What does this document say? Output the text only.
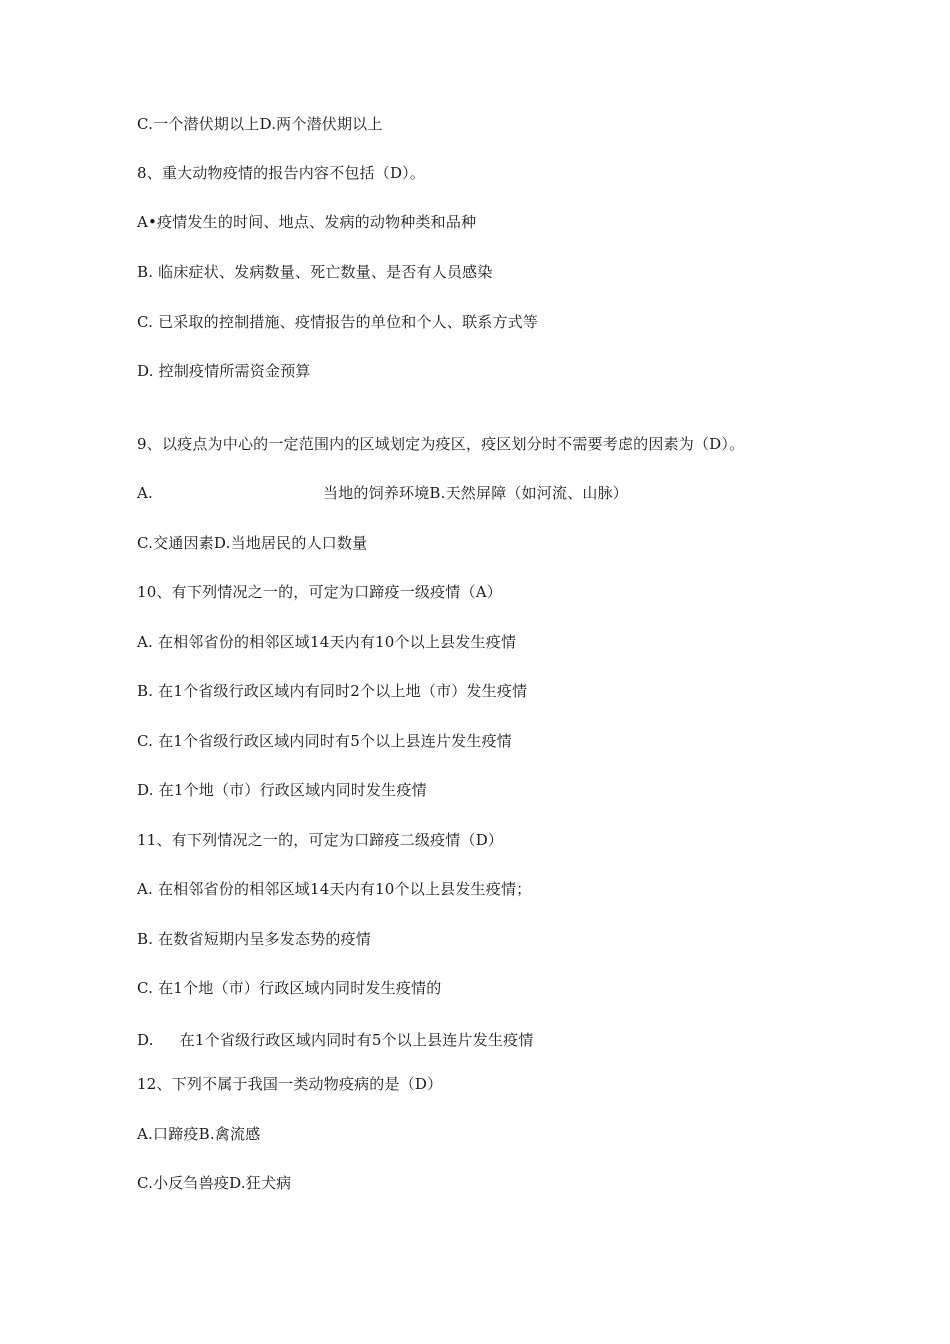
C.一个潜伏期以上D.两个潜伏期以上
8、重大动物疫情的报告内容不包括（D）。
A•疫情发生的时间、地点、发病的动物种类和品种
B. 临床症状、发病数量、死亡数量、是否有人员感染
C. 已采取的控制措施、疫情报告的单位和个人、联系方式等
D. 控制疫情所需资金预算
9、以疫点为中心的一定范围内的区域划定为疫区，疫区划分时不需要考虑的因素为（D）。
A.	当地的饲养环境B.天然屏障（如河流、山脉）
C.交通因素D.当地居民的人口数量
10、有下列情况之一的，可定为口蹄疫一级疫情（A）
A. 在相邻省份的相邻区域14天内有10个以上县发生疫情
B. 在1个省级行政区域内有同时2个以上地（市）发生疫情
C. 在1个省级行政区域内同时有5个以上县连片发生疫情
D. 在1个地（市）行政区域内同时发生疫情
11、有下列情况之一的，可定为口蹄疫二级疫情（D）
A. 在相邻省份的相邻区域14天内有10个以上县发生疫情；
B. 在数省短期内呈多发态势的疫情
C. 在1个地（市）行政区域内同时发生疫情的
D. 在1个省级行政区域内同时有5个以上县连片发生疫情
12、下列不属于我国一类动物疫病的是（D）
A.口蹄疫B.禽流感
C.小反刍兽疫D.狂犬病
